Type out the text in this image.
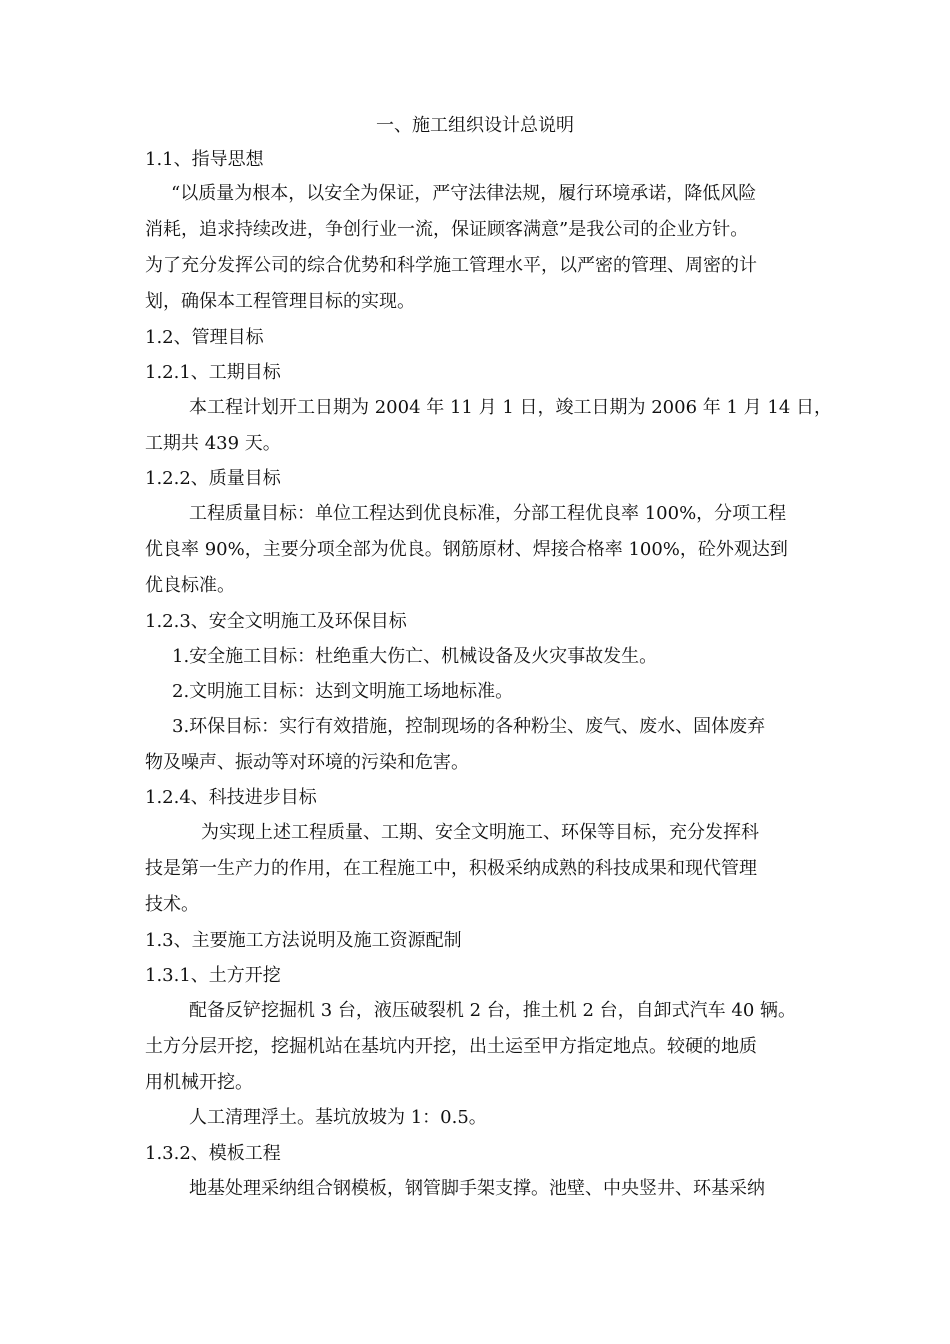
一、施工组织设计总说明
1.1、指导思想
“以质量为根本，以安全为保证，严守法律法规，履行环境承诺，降低风险
消耗，追求持续改进，争创行业一流，保证顾客满意”是我公司的企业方针。
为了充分发挥公司的综合优势和科学施工管理水平，以严密的管理、周密的计
划，确保本工程管理目标的实现。
1.2、管理目标
1.2.1、工期目标
本工程计划开工日期为 2004 年 11 月 1 日，竣工日期为 2006 年 1 月 14 日，
工期共 439 天。
1.2.2、质量目标
工程质量目标：单位工程达到优良标准，分部工程优良率 100%，分项工程
优良率 90%，主要分项全部为优良。钢筋原材、焊接合格率 100%，砼外观达到
优良标准。
1.2.3、安全文明施工及环保目标
1.安全施工目标：杜绝重大伤亡、机械设备及火灾事故发生。
2.文明施工目标：达到文明施工场地标准。
3.环保目标：实行有效措施，控制现场的各种粉尘、废气、废水、固体废弃
物及噪声、振动等对环境的污染和危害。
1.2.4、科技进步目标
为实现上述工程质量、工期、安全文明施工、环保等目标，充分发挥科
技是第一生产力的作用，在工程施工中，积极采纳成熟的科技成果和现代管理
技术。
1.3、主要施工方法说明及施工资源配制
1.3.1、土方开挖
配备反铲挖掘机 3 台，液压破裂机 2 台，推土机 2 台，自卸式汽车 40 辆。
土方分层开挖，挖掘机站在基坑内开挖，出土运至甲方指定地点。较硬的地质
用机械开挖。
人工清理浮土。基坑放坡为 1：0.5。
1.3.2、模板工程
地基处理采纳组合钢模板，钢管脚手架支撑。池壁、中央竖井、环基采纳
